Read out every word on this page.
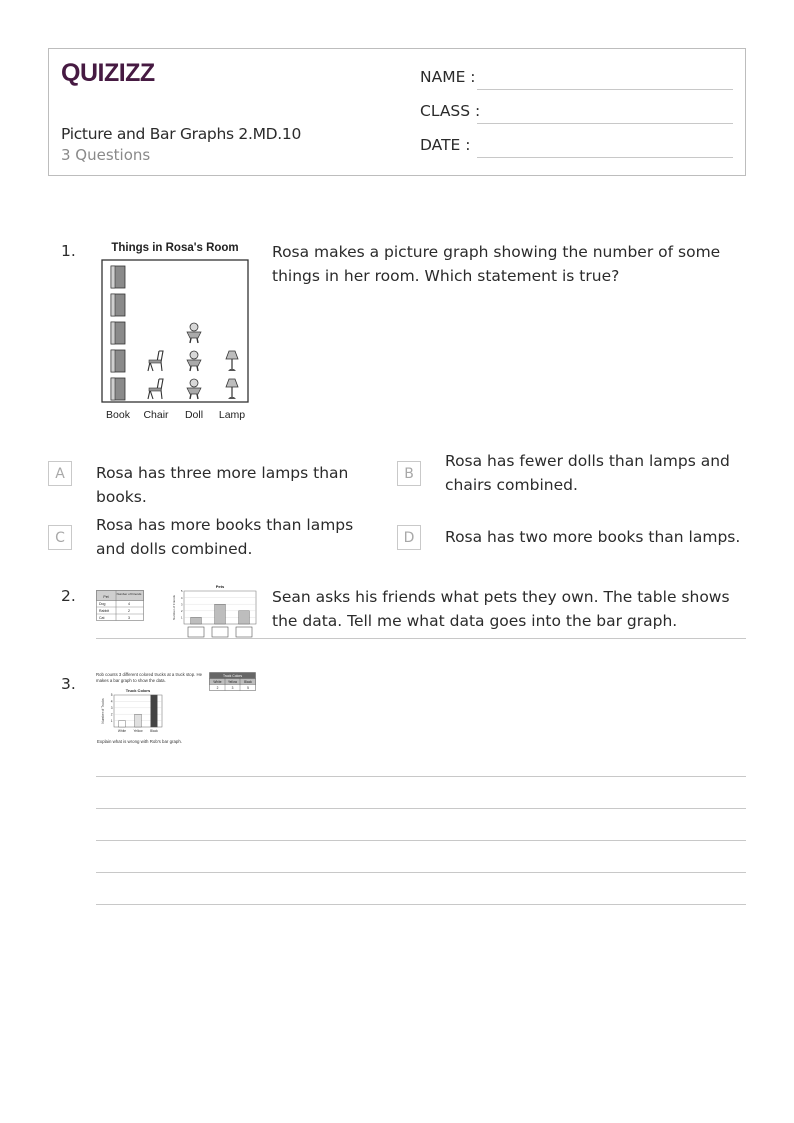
QUIZIZZ
Picture and Bar Graphs 2.MD.10
3 Questions
NAME :
CLASS :
DATE :
1.	Things in Rosa's Room
Book Chair Doll Lamp
Rosa makes a picture graph showing the number of some things in her room. Which statement is true?
A	Rosa has three more lamps than books.
B
Rosa has fewer dolls than lamps and chairs combined.
C
Rosa has more books than lamps and dolls combined.
D	Rosa has two more books than lamps.
2.	Pet
Number of Friends
Dog	4
Rabbit	2
Cat	3
Pets
5
4
3
2
1
Number of Friends	Sean asks his friends what pets they own. The table shows the data. Tell me what data goes into the bar graph.
3.
Rob counts 3 different colored trucks at a truck stop. He makes a bar graph to show the data.
Truck Colors
White Yellow Black
2	3	5
Truck Colors
5
4
3
2
1
Number of Trucks
White Yellow Black
Explain what is wrong with Rob's bar graph.
